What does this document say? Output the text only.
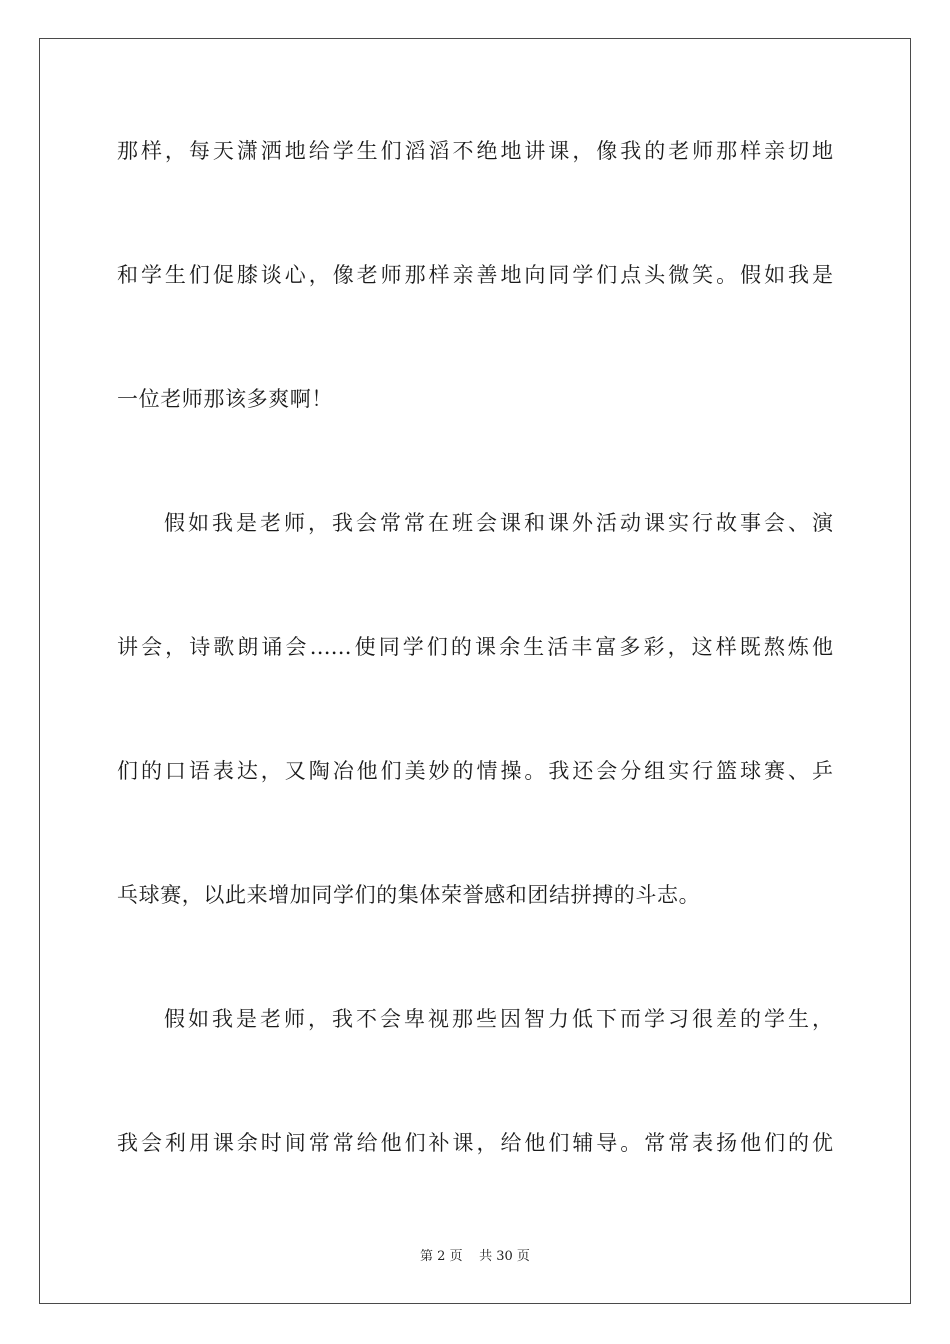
那样，每天潇洒地给学生们滔滔不绝地讲课，像我的老师那样亲切地
和学生们促膝谈心，像老师那样亲善地向同学们点头微笑。假如我是
一位老师那该多爽啊！
假如我是老师，我会常常在班会课和课外活动课实行故事会、演
讲会，诗歌朗诵会……使同学们的课余生活丰富多彩，这样既熬炼他
们的口语表达，又陶冶他们美妙的情操。我还会分组实行篮球赛、乒
乓球赛，以此来增加同学们的集体荣誉感和团结拼搏的斗志。
假如我是老师，我不会卑视那些因智力低下而学习很差的学生，
我会利用课余时间常常给他们补课，给他们辅导。常常表扬他们的优
第 2 页 共 30 页
